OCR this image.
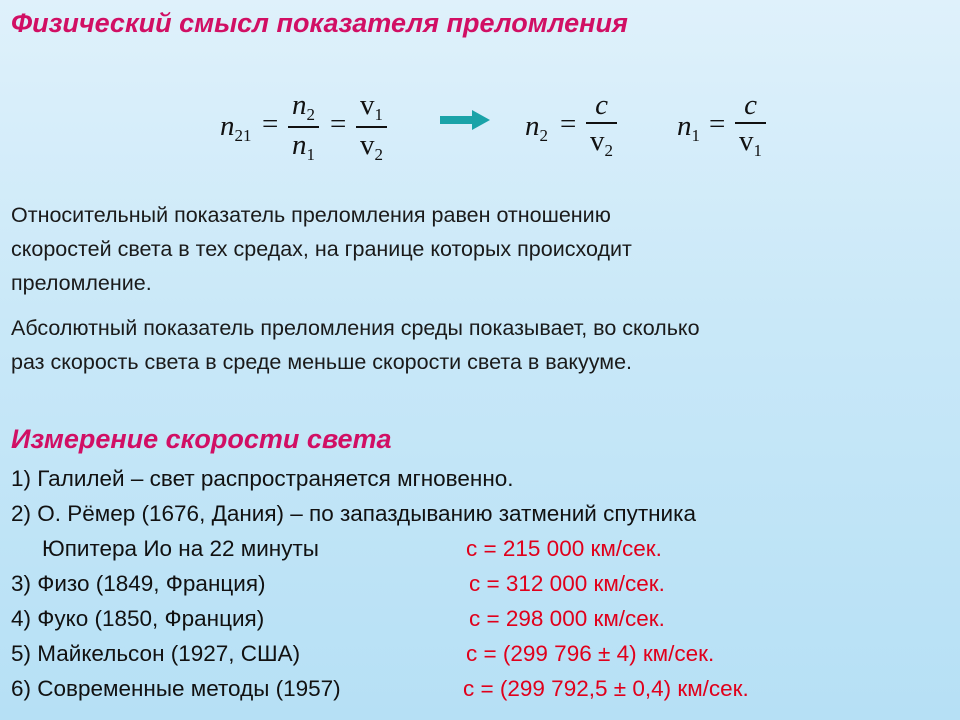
Физический смысл показателя преломления
$n_{21}$ =
$n_2$
$n_1$
=
$v_1$
$v_2$
$n_2$ =
c
$v_2$
$n_1$ =
c
$v_1$
Относительный показатель преломления равен отношению
скоростей света в тех средах, на границе которых происходит
преломление.
Абсолютный показатель преломления среды показывает, во сколько
раз скорость света в среде меньше скорости света в вакууме.
Измерение скорости света
1) Галилей – свет распространяется мгновенно.
2) О. Рёмер (1676, Дания) – по запаздыванию затмений спутника
Юпитера Ио на 22 минуты	с = 215 000 км/сек.
3) Физо (1849, Франция)	с = 312 000 км/сек.
4) Фуко (1850, Франция)	с = 298 000 км/сек.
5) Майкельсон (1927, США)	с = (299 796 ± 4) км/сек.
6) Современные методы (1957)	с = (299 792,5 ± 0,4) км/сек.
